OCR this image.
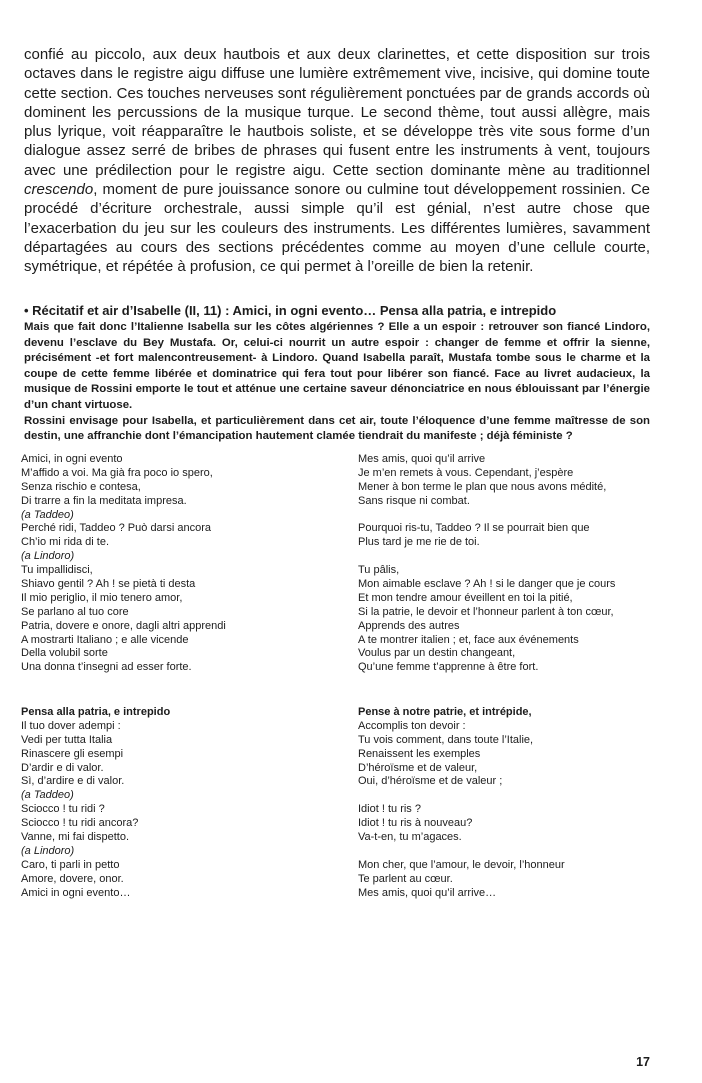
confié au piccolo, aux deux hautbois et aux deux clarinettes, et cette disposition sur trois octaves dans le registre aigu diffuse une lumière extrêmement vive, incisive, qui domine toute cette section. Ces touches nerveuses sont régulièrement ponctuées par de grands accords où dominent les percussions de la musique turque. Le second thème, tout aussi allègre, mais plus lyrique, voit réapparaître le hautbois soliste, et se développe très vite sous forme d’un dialogue assez serré de bribes de phrases qui fusent entre les instruments à vent, toujours avec une prédilection pour le registre aigu. Cette section dominante mène au traditionnel crescendo, moment de pure jouissance sonore ou culmine tout développement rossinien. Ce procédé d’écriture orchestrale, aussi simple qu’il est génial, n’est autre chose que l’exacerbation du jeu sur les couleurs des instruments. Les différentes lumières, savamment départagées au cours des sections précédentes comme au moyen d’une cellule courte, symétrique, et répétée à profusion, ce qui permet à l’oreille de bien la retenir.

• Récitatif et air d’Isabelle (II, 11) : Amici, in ogni evento… Pensa alla patria, e intrepido

Mais que fait donc l’Italienne Isabella sur les côtes algériennes ? Elle a un espoir : retrouver son fiancé Lindoro, devenu l’esclave du Bey Mustafa. Or, celui-ci nourrit un autre espoir : changer de femme et offrir la sienne, précisément -et fort malencontreusement- à Lindoro. Quand Isabella paraît, Mustafa tombe sous le charme et la coupe de cette femme libérée et dominatrice qui fera tout pour libérer son fiancé. Face au livret audacieux, la musique de Rossini emporte le tout et atténue une certaine saveur dénonciatrice en nous éblouissant par l’énergie d’un chant virtuose.

Rossini envisage pour Isabella, et particulièrement dans cet air, toute l’éloquence d’une femme maîtresse de son destin, une affranchie dont l’émancipation hautement clamée tiendrait du manifeste ; déjà féministe ?

Amici, in ogni evento
M’affido a voi. Ma già fra poco io spero,
Senza rischio e contesa,
Di trarre a fin la meditata impresa.
(a Taddeo)
Perché ridi, Taddeo ? Può darsi ancora
Ch’io mi rida di te.
(a Lindoro)
Tu impallidisci,
Shiavo gentil ? Ah ! se pietà ti desta
Il mio periglio, il mio tenero amor,
Se parlano al tuo core
Patria, dovere e onore, dagli altri apprendi
A mostrarti Italiano ; e alle vicende
Della volubil sorte
Una donna t’insegni ad esser forte.
Mes amis, quoi qu’il arrive
Je m’en remets à vous. Cependant, j’espère
Mener à bon terme le plan que nous avons médité,
Sans risque ni combat.
Pourquoi ris-tu, Taddeo ? Il se pourrait bien que
Plus tard je me rie de toi.
Tu pâlis,
Mon aimable esclave ? Ah ! si le danger que je cours
Et mon tendre amour éveillent en toi la pitié,
Si la patrie, le devoir et l’honneur parlent à ton cœur,
Apprends des autres
A te montrer italien ; et, face aux événements
Voulus par un destin changeant,
Qu’une femme t’apprenne à être fort.
Pensa alla patria, e intrepido
Il tuo dover adempi :
Vedi per tutta Italia
Rinascere gli esempi
D’ardir e di valor.
Sì, d’ardire e di valor.
(a Taddeo)
Sciocco ! tu ridi ?
Sciocco ! tu ridi ancora?
Vanne, mi fai dispetto.
(a Lindoro)
Caro, ti parli in petto
Amore, dovere, onor.
Amici in ogni evento…
Pense à notre patrie, et intrépide,
Accomplis ton devoir :
Tu vois comment, dans toute l’Italie,
Renaissent les exemples
D’héroïsme et de valeur,
Oui, d’héroïsme et de valeur ;
Idiot ! tu ris ?
Idiot ! tu ris à nouveau?
Va-t-en, tu m’agaces.
Mon cher, que l’amour, le devoir, l’honneur
Te parlent au cœur.
Mes amis, quoi qu’il arrive…
17
